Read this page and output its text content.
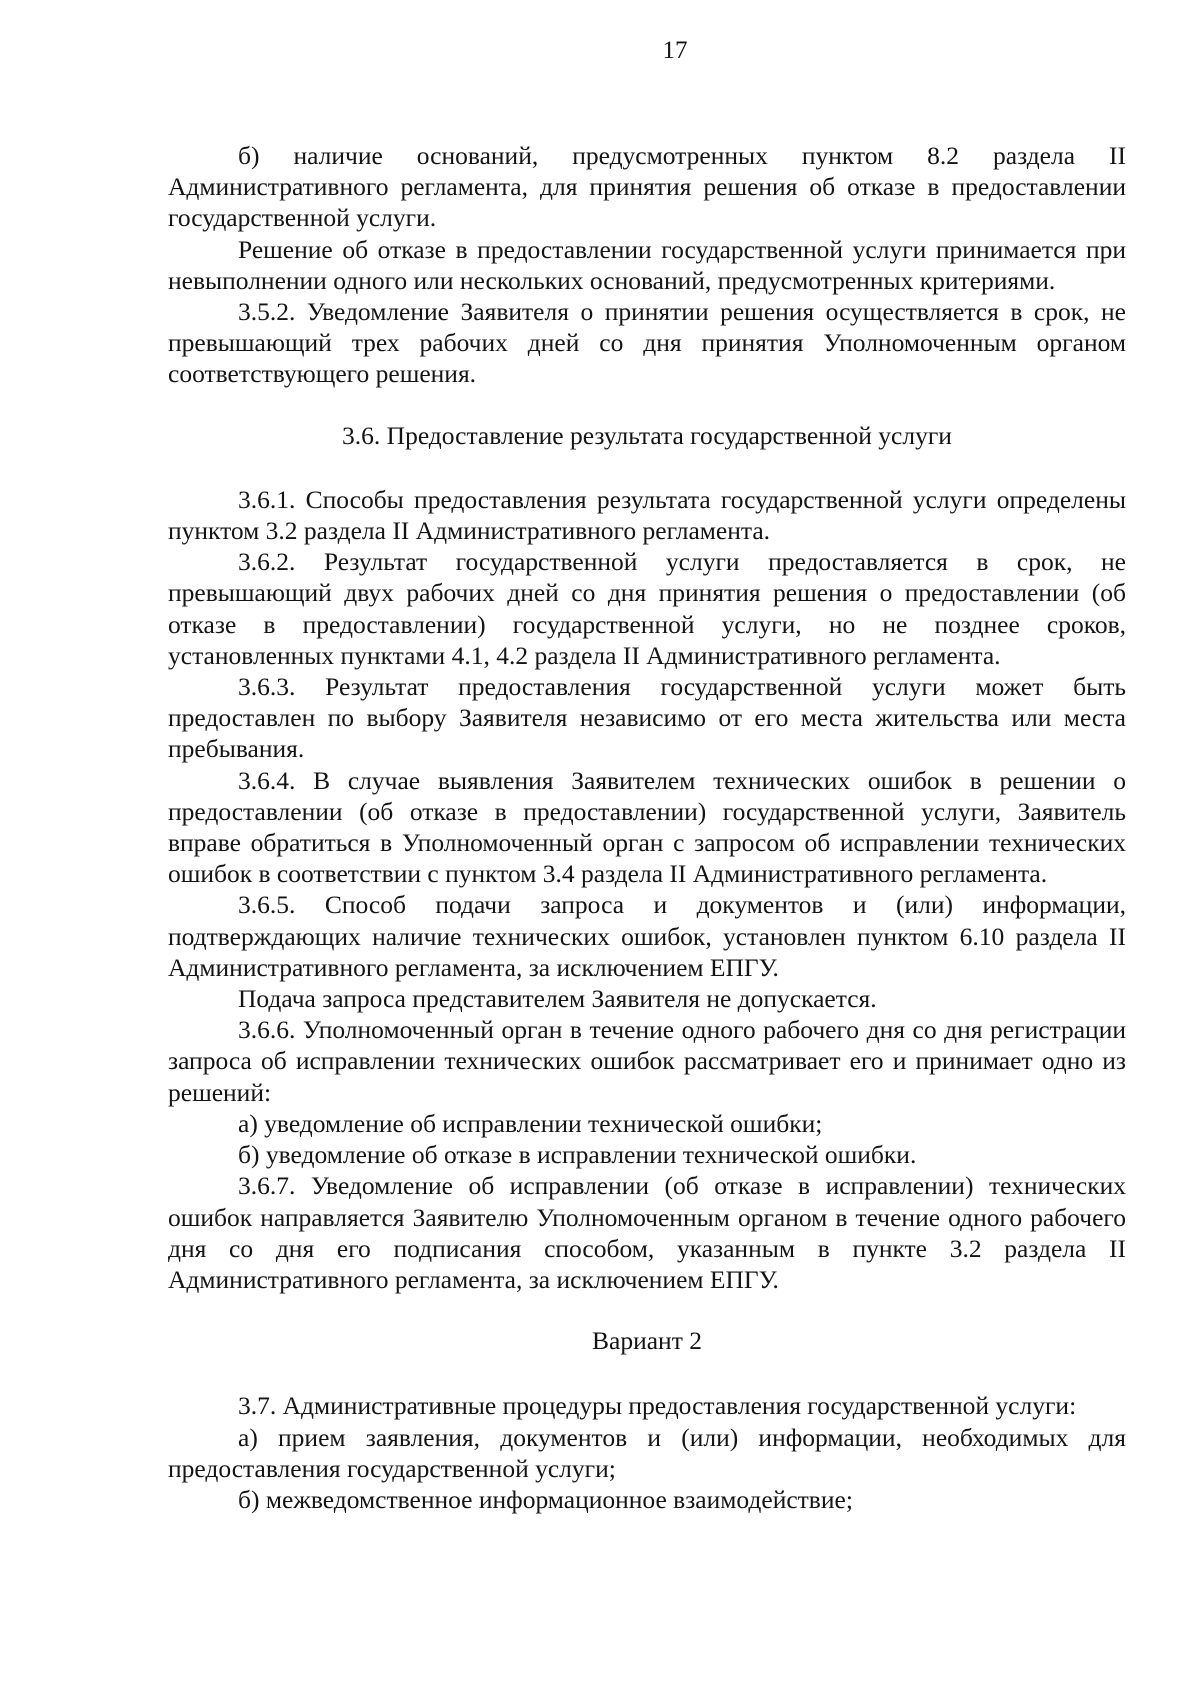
17

б) наличие оснований, предусмотренных пунктом 8.2 раздела II Административного регламента, для принятия решения об отказе в предоставлении государственной услуги.

Решение об отказе в предоставлении государственной услуги принимается при невыполнении одного или нескольких оснований, предусмотренных критериями.

3.5.2. Уведомление Заявителя о принятии решения осуществляется в срок, не превышающий трех рабочих дней со дня принятия Уполномоченным органом соответствующего решения.

3.6. Предоставление результата государственной услуги

3.6.1. Способы предоставления результата государственной услуги определены пунктом 3.2 раздела II Административного регламента.

3.6.2. Результат государственной услуги предоставляется в срок, не превышающий двух рабочих дней со дня принятия решения о предоставлении (об отказе в предоставлении) государственной услуги, но не позднее сроков, установленных пунктами 4.1, 4.2 раздела II Административного регламента.

3.6.3. Результат предоставления государственной услуги может быть предоставлен по выбору Заявителя независимо от его места жительства или места пребывания.

3.6.4. В случае выявления Заявителем технических ошибок в решении о предоставлении (об отказе в предоставлении) государственной услуги, Заявитель вправе обратиться в Уполномоченный орган с запросом об исправлении технических ошибок в соответствии с пунктом 3.4 раздела II Административного регламента.

3.6.5. Способ подачи запроса и документов и (или) информации, подтверждающих наличие технических ошибок, установлен пунктом 6.10 раздела II Административного регламента, за исключением ЕПГУ.

Подача запроса представителем Заявителя не допускается.

3.6.6. Уполномоченный орган в течение одного рабочего дня со дня регистрации запроса об исправлении технических ошибок рассматривает его и принимает одно из решений:

а) уведомление об исправлении технической ошибки;

б) уведомление об отказе в исправлении технической ошибки.

3.6.7. Уведомление об исправлении (об отказе в исправлении) технических ошибок направляется Заявителю Уполномоченным органом в течение одного рабочего дня со дня его подписания способом, указанным в пункте 3.2 раздела II Административного регламента, за исключением ЕПГУ.

Вариант 2

3.7. Административные процедуры предоставления государственной услуги:

а) прием заявления, документов и (или) информации, необходимых для предоставления государственной услуги;

б) межведомственное информационное взаимодействие;
